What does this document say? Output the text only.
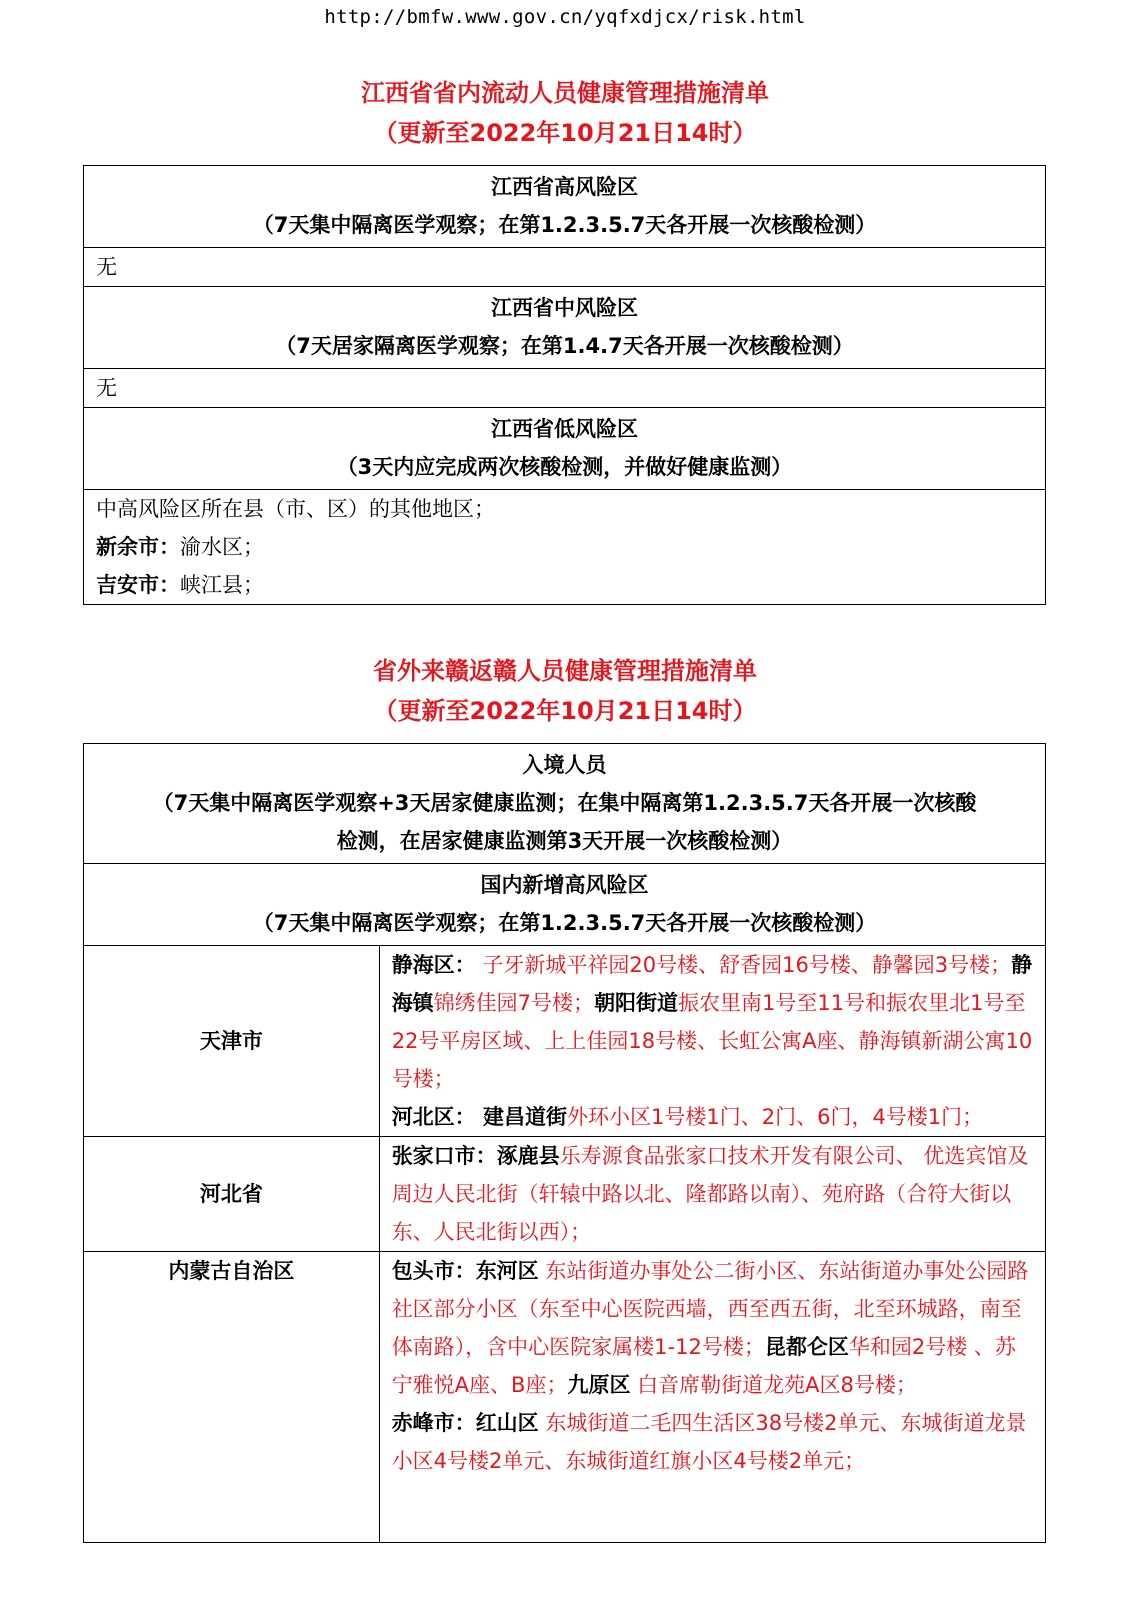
http://bmfw.www.gov.cn/yqfxdjcx/risk.html
江西省省内流动人员健康管理措施清单
（更新至2022年10月21日14时）
江西省高风险区
（7天集中隔离医学观察；在第1.2.3.5.7天各开展一次核酸检测）

无

江西省中风险区
（7天居家隔离医学观察；在第1.4.7天各开展一次核酸检测）

无

江西省低风险区
（3天内应完成两次核酸检测，并做好健康监测）

中高风险区所在县（市、区）的其他地区；
新余市：渝水区；
吉安市：峡江县；
省外来赣返赣人员健康管理措施清单
（更新至2022年10月21日14时）
入境人员
（7天集中隔离医学观察+3天居家健康监测；在集中隔离第1.2.3.5.7天各开展一次核酸
检测，在居家健康监测第3天开展一次核酸检测）	

国内新增高风险区
（7天集中隔离医学观察；在第1.2.3.5.7天各开展一次核酸检测）	

天津市	静海区： 子牙新城平祥园20号楼、舒香园16号楼、静馨园3号楼；静海镇锦绣佳园7号楼；朝阳街道振农里南1号至11号和振农里北1号至22号平房区域、上上佳园18号楼、长虹公寓A座、静海镇新湖公寓10号楼；
河北区： 建昌道街外环小区1号楼1门、2门、6门，4号楼1门；

河北省	张家口市：涿鹿县乐寿源食品张家口技术开发有限公司、 优选宾馆及周边人民北街（轩辕中路以北、隆都路以南）、苑府路（合符大街以东、人民北街以西）；

内蒙古自治区	包头市：东河区 东站街道办事处公二街小区、东站街道办事处公园路社区部分小区（东至中心医院西墙，西至西五街，北至环城路，南至体南路），含中心医院家属楼1-12号楼；昆都仑区华和园2号楼 、苏宁雅悦A座、B座；九原区 白音席勒街道龙苑A区8号楼；
赤峰市：红山区 东城街道二毛四生活区38号楼2单元、东城街道龙景小区4号楼2单元、东城街道红旗小区4号楼2单元；
